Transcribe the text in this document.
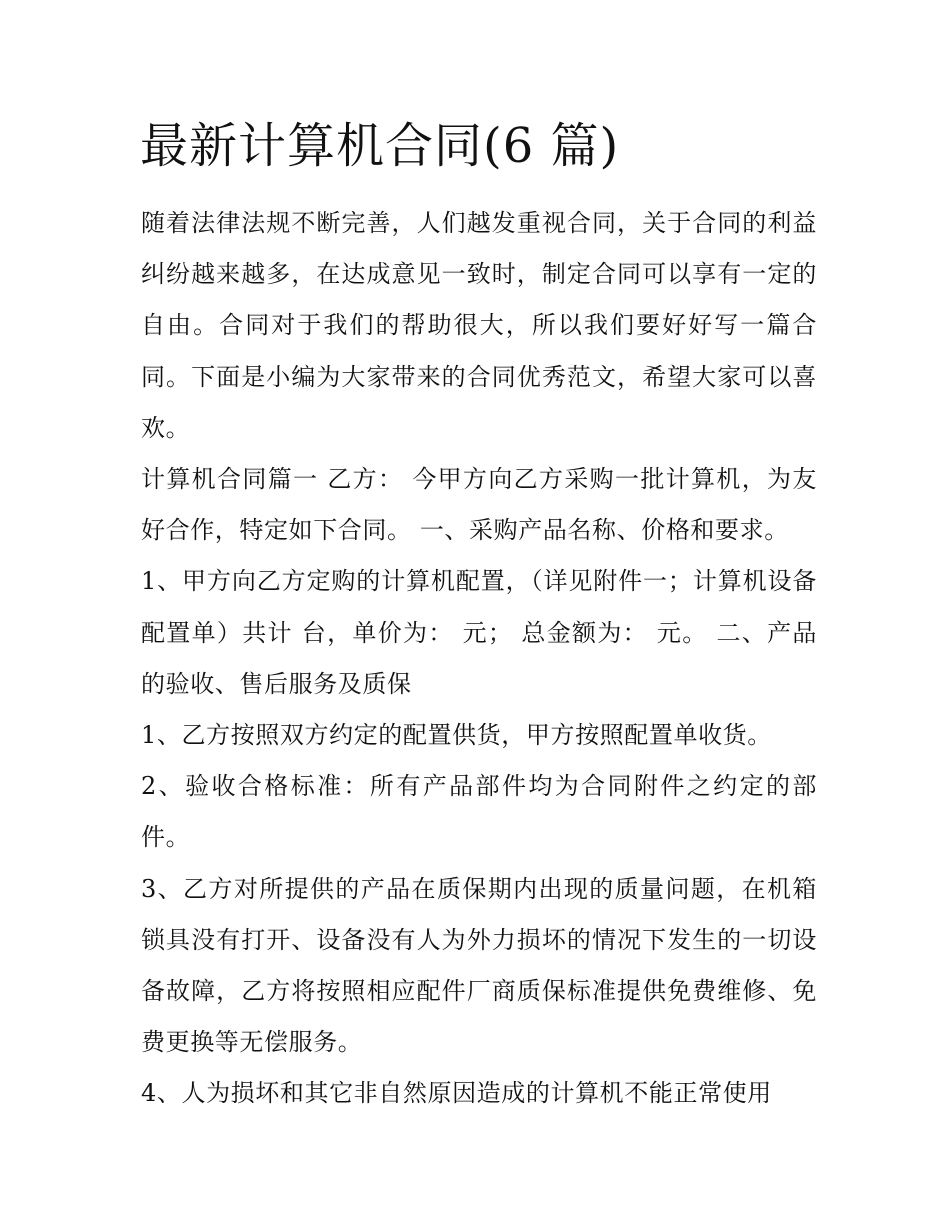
最新计算机合同(6 篇)

随着法律法规不断完善，人们越发重视合同，关于合同的利益纠纷越来越多，在达成意见一致时，制定合同可以享有一定的自由。合同对于我们的帮助很大，所以我们要好好写一篇合同。下面是小编为大家带来的合同优秀范文，希望大家可以喜欢。

计算机合同篇一 乙方： 今甲方向乙方采购一批计算机，为友好合作，特定如下合同。 一、采购产品名称、价格和要求。

1、甲方向乙方定购的计算机配置，（详见附件一；计算机设备配置单）共计 台，单价为： 元； 总金额为： 元。 二、产品的验收、售后服务及质保

1、乙方按照双方约定的配置供货，甲方按照配置单收货。

2、验收合格标准：所有产品部件均为合同附件之约定的部件。

3、乙方对所提供的产品在质保期内出现的质量问题，在机箱锁具没有打开、设备没有人为外力损坏的情况下发生的一切设备故障，乙方将按照相应配件厂商质保标准提供免费维修、免费更换等无偿服务。

4、人为损坏和其它非自然原因造成的计算机不能正常使用
